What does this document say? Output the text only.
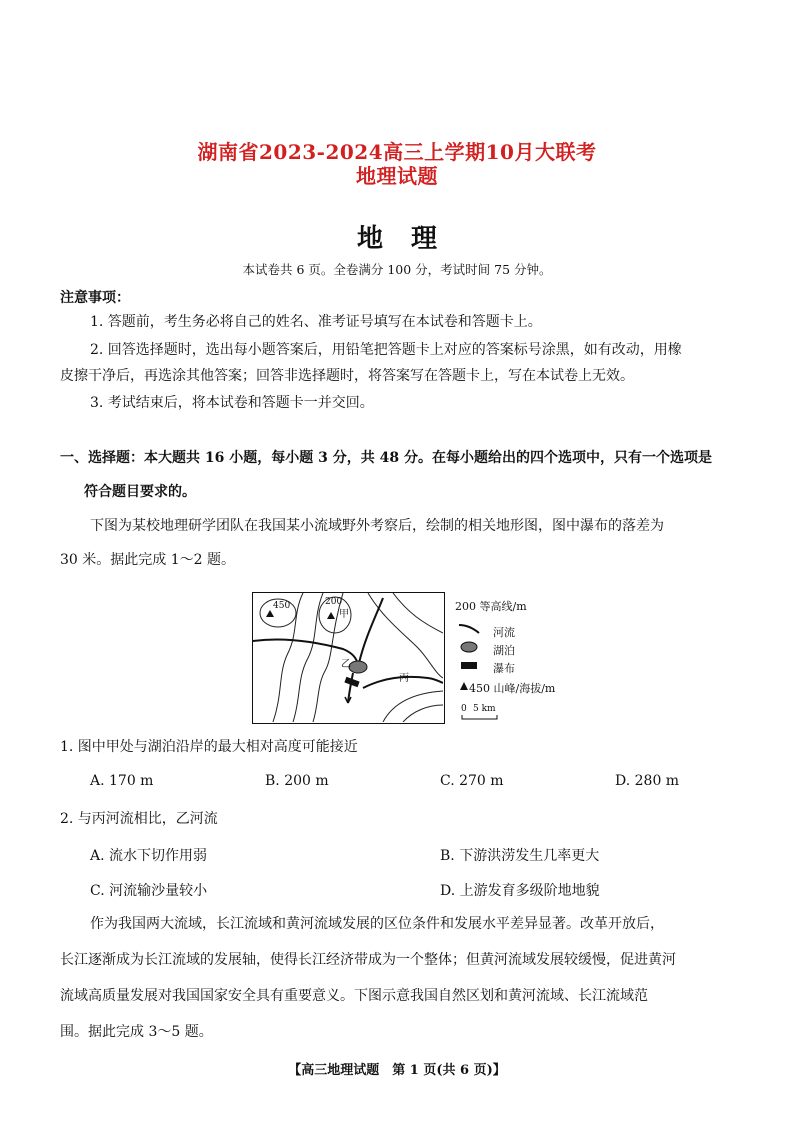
湖南省2023-2024高三上学期10月大联考
地理试题
地理
本试卷共 6 页。全卷满分 100 分，考试时间 75 分钟。
注意事项：
1. 答题前，考生务必将自己的姓名、准考证号填写在本试卷和答题卡上。
2. 回答选择题时，选出每小题答案后，用铅笔把答题卡上对应的答案标号涂黑，如有改动，用橡
皮擦干净后，再选涂其他答案；回答非选择题时，将答案写在答题卡上，写在本试卷上无效。
3. 考试结束后，将本试卷和答题卡一并交回。
一、选择题：本大题共 16 小题，每小题 3 分，共 48 分。在每小题给出的四个选项中，只有一个选项是
符合题目要求的。
下图为某校地理研学团队在我国某小流域野外考察后，绘制的相关地形图，图中瀑布的落差为
30 米。据此完成 1～2 题。
450	200
甲
乙
丙
200 等高线/m
河流
湖泊
瀑布
450 山峰/海拔/m
0 5 km
1. 图中甲处与湖泊沿岸的最大相对高度可能接近
A. 170 m	B. 200 m	C. 270 m	D. 280 m
2. 与丙河流相比，乙河流
A. 流水下切作用弱	B. 下游洪涝发生几率更大
C. 河流输沙量较小	D. 上游发育多级阶地地貌
作为我国两大流域，长江流域和黄河流域发展的区位条件和发展水平差异显著。改革开放后，
长江逐渐成为长江流域的发展轴，使得长江经济带成为一个整体；但黄河流域发展较缓慢，促进黄河
流域高质量发展对我国国家安全具有重要意义。下图示意我国自然区划和黄河流域、长江流域范
围。据此完成 3～5 题。
【高三地理试题　第 1 页(共 6 页)】
